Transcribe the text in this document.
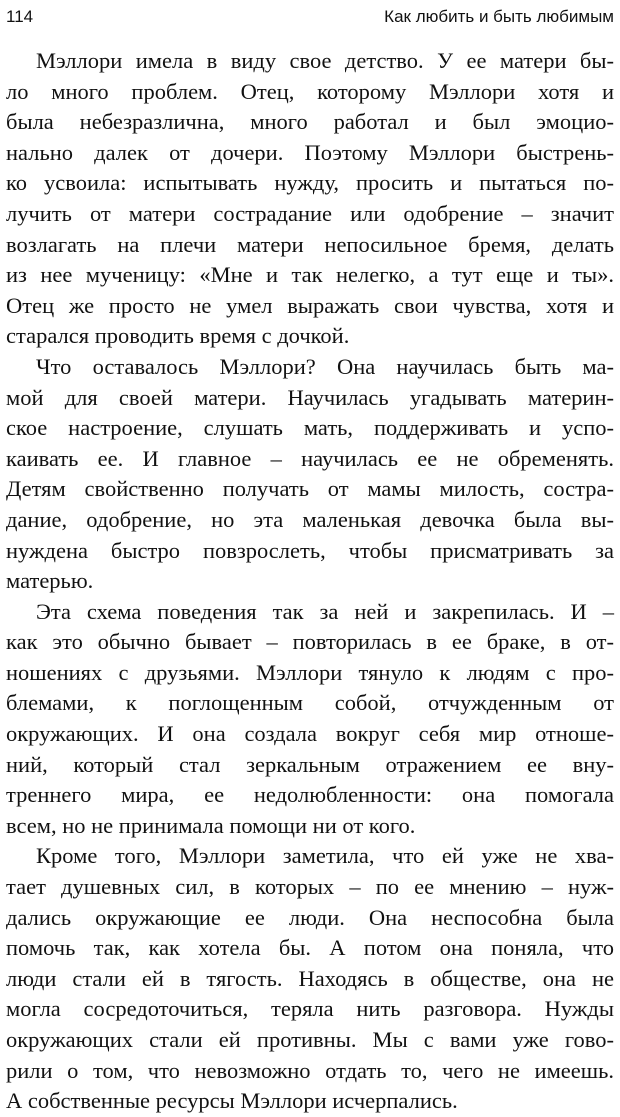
114	Как любить и быть любимым

Мэллори имела в виду свое детство. У ее матери бы-
ло много проблем. Отец, которому Мэллори хотя и
была небезразлична, много работал и был эмоцио-
нально далек от дочери. Поэтому Мэллори быстрень-
ко усвоила: испытывать нужду, просить и пытаться по-
лучить от матери сострадание или одобрение – значит
возлагать на плечи матери непосильное бремя, делать
из нее мученицу: «Мне и так нелегко, а тут еще и ты».
Отец же просто не умел выражать свои чувства, хотя и
старался проводить время с дочкой.

Что оставалось Мэллори? Она научилась быть ма-
мой для своей матери. Научилась угадывать материн-
ское настроение, слушать мать, поддерживать и успо-
каивать ее. И главное – научилась ее не обременять.
Детям свойственно получать от мамы милость, состра-
дание, одобрение, но эта маленькая девочка была вы-
нуждена быстро повзрослеть, чтобы присматривать за
матерью.

Эта схема поведения так за ней и закрепилась. И –
как это обычно бывает – повторилась в ее браке, в от-
ношениях с друзьями. Мэллори тянуло к людям с про-
блемами, к поглощенным собой, отчужденным от
окружающих. И она создала вокруг себя мир отноше-
ний, который стал зеркальным отражением ее вну-
треннего мира, ее недолюбленности: она помогала
всем, но не принимала помощи ни от кого.

Кроме того, Мэллори заметила, что ей уже не хва-
тает душевных сил, в которых – по ее мнению – нуж-
дались окружающие ее люди. Она неспособна была
помочь так, как хотела бы. А потом она поняла, что
люди стали ей в тягость. Находясь в обществе, она не
могла сосредоточиться, теряла нить разговора. Нужды
окружающих стали ей противны. Мы с вами уже гово-
рили о том, что невозможно отдать то, чего не имеешь.
А собственные ресурсы Мэллори исчерпались.
